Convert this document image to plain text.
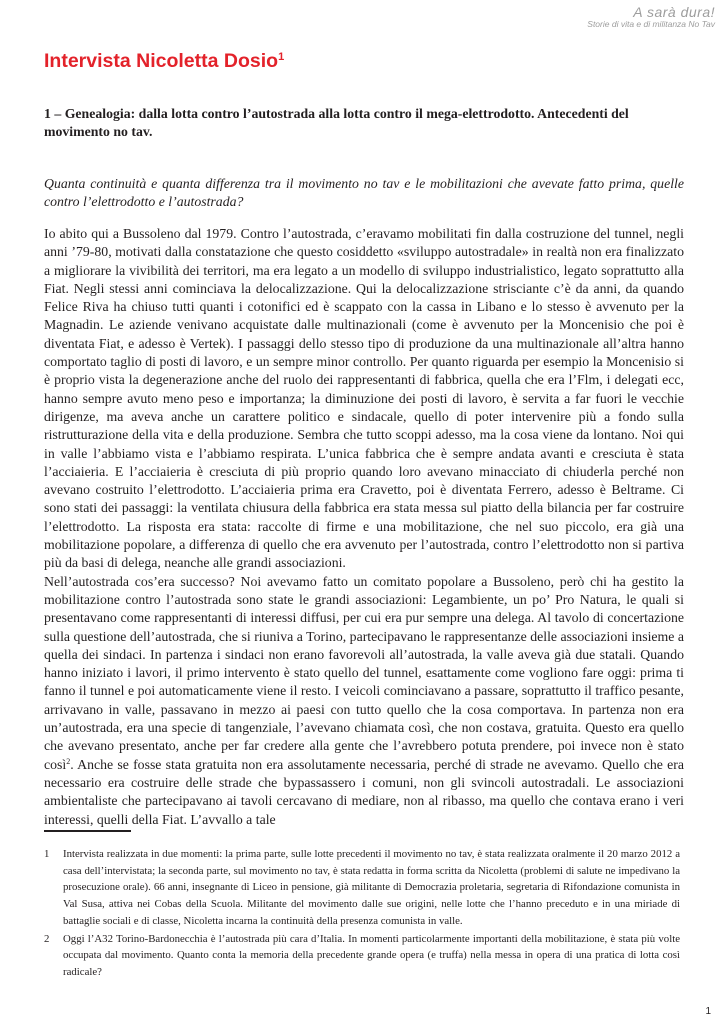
A sarà dura!
Storie di vita e di militanza No Tav
Intervista Nicoletta Dosio$^1$
1 – Genealogia: dalla lotta contro l’autostrada alla lotta contro il mega-elettrodotto. Antecedenti del movimento no tav.

Quanta continuità e quanta differenza tra il movimento no tav e le mobilitazioni che avevate fatto prima, quelle contro l’elettrodotto e l’autostrada?

Io abito qui a Bussoleno dal 1979. Contro l’autostrada, c’eravamo mobilitati fin dalla costruzione del tunnel, negli anni ’79-80, motivati dalla constatazione che questo cosiddetto «sviluppo autostradale» in realtà non era finalizzato a migliorare la vivibilità dei territori, ma era legato a un modello di sviluppo industrialistico, legato soprattutto alla Fiat. Negli stessi anni cominciava la delocalizzazione. Qui la delocalizzazione strisciante c’è da anni, da quando Felice Riva ha chiuso tutti quanti i cotonifici ed è scappato con la cassa in Libano e lo stesso è avvenuto per la Magnadin. Le aziende venivano acquistate dalle multinazionali (come è avvenuto per la Moncenisio che poi è diventata Fiat, e adesso è Vertek). I passaggi dello stesso tipo di produzione da una multinazionale all’altra hanno comportato taglio di posti di lavoro, e un sempre minor controllo. Per quanto riguarda per esempio la Moncenisio si è proprio vista la degenerazione anche del ruolo dei rappresentanti di fabbrica, quella che era l’Flm, i delegati ecc, hanno sempre avuto meno peso e importanza; la diminuzione dei posti di lavoro, è servita a far fuori le vecchie dirigenze, ma aveva anche un carattere politico e sindacale, quello di poter intervenire più a fondo sulla ristrutturazione della vita e della produzione. Sembra che tutto scoppi adesso, ma la cosa viene da lontano. Noi qui in valle l’abbiamo vista e l’abbiamo respirata. L’unica fabbrica che è sempre andata avanti e cresciuta è stata l’acciaieria. E l’acciaieria è cresciuta di più proprio quando loro avevano minacciato di chiuderla perché non avevano costruito l’elettrodotto. L’acciaieria prima era Cravetto, poi è diventata Ferrero, adesso è Beltrame. Ci sono stati dei passaggi: la ventilata chiusura della fabbrica era stata messa sul piatto della bilancia per far costruire l’elettrodotto. La risposta era stata: raccolte di firme e una mobilitazione, che nel suo piccolo, era già una mobilitazione popolare, a differenza di quello che era avvenuto per l’autostrada, contro l’elettrodotto non si partiva più da basi di delega, neanche alle grandi associazioni.

Nell’autostrada cos’era successo? Noi avevamo fatto un comitato popolare a Bussoleno, però chi ha gestito la mobilitazione contro l’autostrada sono state le grandi associazioni: Legambiente, un po’ Pro Natura, le quali si presentavano come rappresentanti di interessi diffusi, per cui era pur sempre una delega. Al tavolo di concertazione sulla questione dell’autostrada, che si riuniva a Torino, partecipavano le rappresentanze delle associazioni insieme a quella dei sindaci. In partenza i sindaci non erano favorevoli all’autostrada, la valle aveva già due statali. Quando hanno iniziato i lavori, il primo intervento è stato quello del tunnel, esattamente come vogliono fare oggi: prima ti fanno il tunnel e poi automaticamente viene il resto. I veicoli cominciavano a passare, soprattutto il traffico pesante, arrivavano in valle, passavano in mezzo ai paesi con tutto quello che la cosa comportava. In partenza non era un’autostrada, era una specie di tangenziale, l’avevano chiamata così, che non costava, gratuita. Questo era quello che avevano presentato, anche per far credere alla gente che l’avrebbero potuta prendere, poi invece non è stato così$^2$. Anche se fosse stata gratuita non era assolutamente necessaria, perché di strade ne avevamo. Quello che era necessario era costruire delle strade che bypassassero i comuni, non gli svincoli autostradali. Le associazioni ambientaliste che partecipavano ai tavoli cercavano di mediare, non al ribasso, ma quello che contava erano i veri interessi, quelli della Fiat. L’avvallo a tale

1	Intervista realizzata in due momenti: la prima parte, sulle lotte precedenti il movimento no tav, è stata realizzata oralmente il 20 marzo 2012 a casa dell’intervistata; la seconda parte, sul movimento no tav, è stata redatta in forma scritta da Nicoletta (problemi di salute ne impedivano la prosecuzione orale). 66 anni, insegnante di Liceo in pensione, già militante di Democrazia proletaria, segretaria di Rifondazione comunista in Val Susa, attiva nei Cobas della Scuola. Militante del movimento dalle sue origini, nelle lotte che l’hanno preceduto e in una miriade di battaglie sociali e di classe, Nicoletta incarna la continuità della presenza comunista in valle.
2	Oggi l’A32 Torino-Bardonecchia è l’autostrada più cara d’Italia. In momenti particolarmente importanti della mobilitazione, è stata più volte occupata dal movimento. Quanto conta la memoria della precedente grande opera (e truffa) nella messa in opera di una pratica di lotta così radicale?
1
